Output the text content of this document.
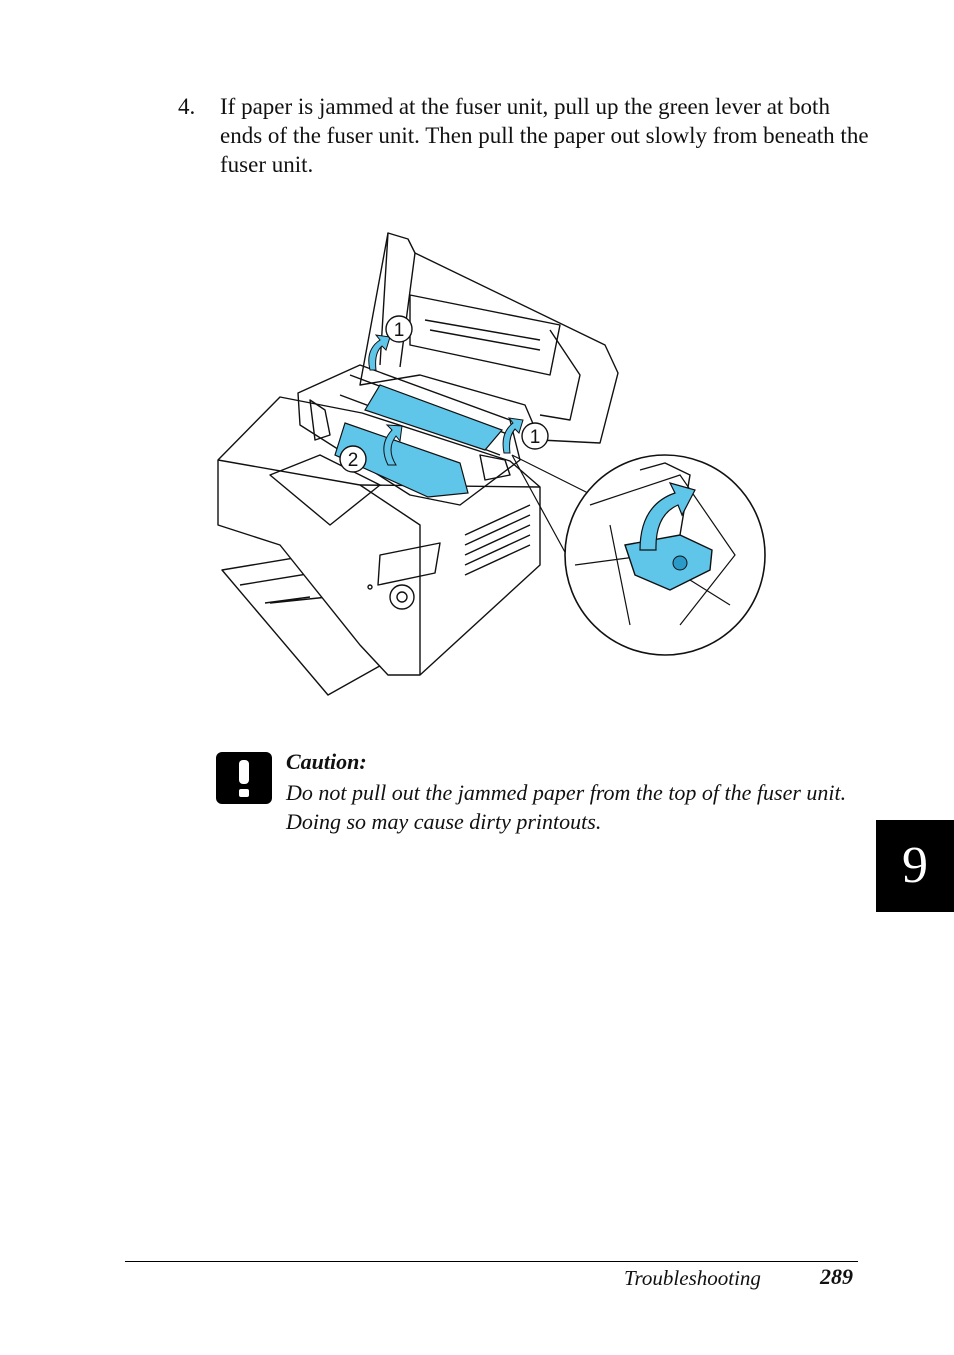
4. If paper is jammed at the fuser unit, pull up the green lever at both ends of the fuser unit. Then pull the paper out slowly from beneath the fuser unit.
1
1
2
Caution:
Do not pull out the jammed paper from the top of the fuser unit. Doing so may cause dirty printouts.
9
Troubleshooting	289
